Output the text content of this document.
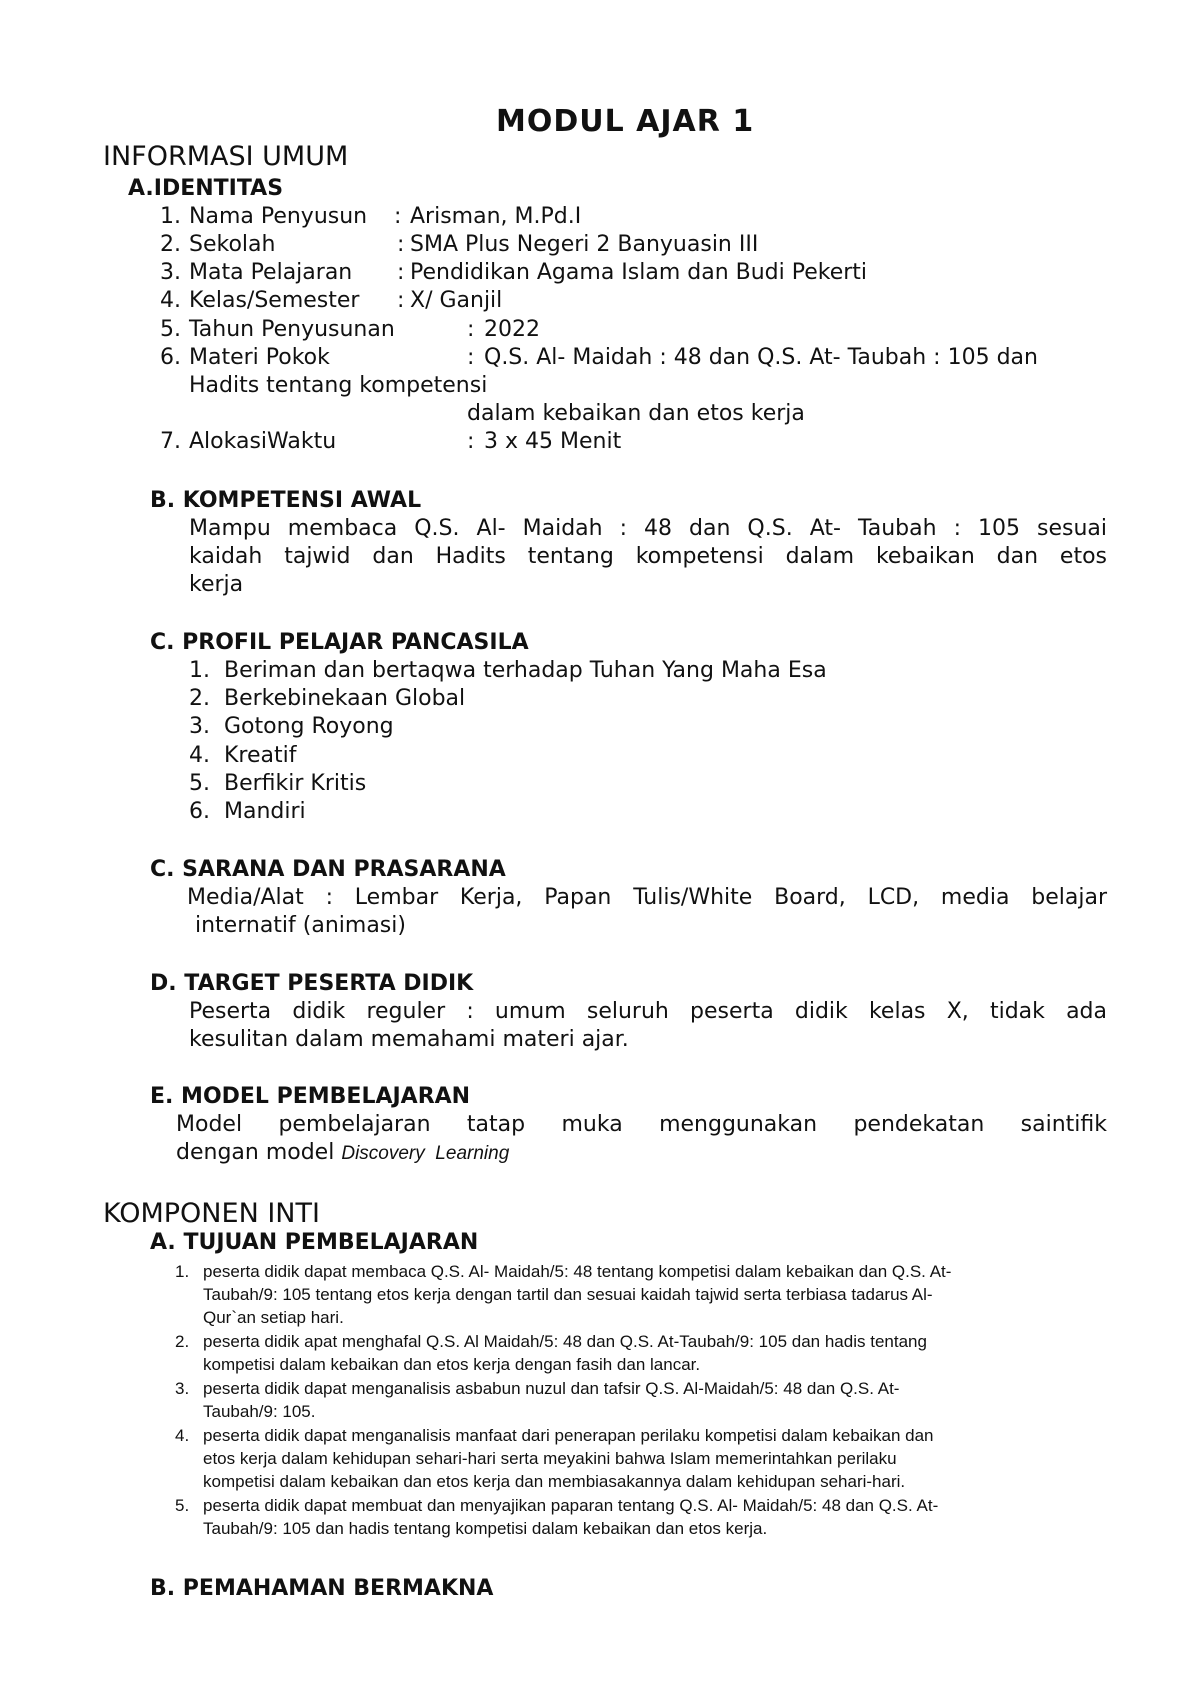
MODUL AJAR 1
INFORMASI UMUM
A.IDENTITAS
1. Nama Penyusun : Arisman, M.Pd.I
2. Sekolah	: SMA Plus Negeri 2 Banyuasin III
3. Mata Pelajaran : Pendidikan Agama Islam dan Budi Pekerti
4. Kelas/Semester : X/ Ganjil
5. Tahun Penyusunan	: 2022
6. Materi Pokok	: Q.S. Al- Maidah : 48 dan Q.S. At- Taubah : 105 dan
Hadits tentang kompetensi
dalam kebaikan dan etos kerja
7. AlokasiWaktu	: 3 x 45 Menit
B. KOMPETENSI AWAL
Mampu membaca Q.S. Al- Maidah : 48 dan Q.S. At- Taubah : 105 sesuai
kaidah tajwid dan Hadits tentang kompetensi dalam kebaikan dan etos
kerja
C. PROFIL PELAJAR PANCASILA
1. Beriman dan bertaqwa terhadap Tuhan Yang Maha Esa
2. Berkebinekaan Global
3. Gotong Royong
4. Kreatif
5. Berfikir Kritis
6. Mandiri
C. SARANA DAN PRASARANA
Media/Alat : Lembar Kerja, Papan Tulis/White Board, LCD, media belajar
internatif (animasi)
D. TARGET PESERTA DIDIK
Peserta didik reguler : umum seluruh peserta didik kelas X, tidak ada
kesulitan dalam memahami materi ajar.
E. MODEL PEMBELAJARAN
Model pembelajaran tatap muka menggunakan pendekatan saintifik
dengan model Discovery  Learning
KOMPONEN INTI
A. TUJUAN PEMBELAJARAN
1. peserta didik dapat membaca Q.S. Al- Maidah/5: 48 tentang kompetisi dalam kebaikan dan Q.S. At-
Taubah/9: 105 tentang etos kerja dengan tartil dan sesuai kaidah tajwid serta terbiasa tadarus Al-
Qur`an setiap hari.
2. peserta didik apat menghafal Q.S. Al Maidah/5: 48 dan Q.S. At-Taubah/9: 105 dan hadis tentang
kompetisi dalam kebaikan dan etos kerja dengan fasih dan lancar.
3. peserta didik dapat menganalisis asbabun nuzul dan tafsir Q.S. Al-Maidah/5: 48 dan Q.S. At-
Taubah/9: 105.
4. peserta didik dapat menganalisis manfaat dari penerapan perilaku kompetisi dalam kebaikan dan
etos kerja dalam kehidupan sehari-hari serta meyakini bahwa Islam memerintahkan perilaku
kompetisi dalam kebaikan dan etos kerja dan membiasakannya dalam kehidupan sehari-hari.
5. peserta didik dapat membuat dan menyajikan paparan tentang Q.S. Al- Maidah/5: 48 dan Q.S. At-
Taubah/9: 105 dan hadis tentang kompetisi dalam kebaikan dan etos kerja.
B. PEMAHAMAN BERMAKNA
